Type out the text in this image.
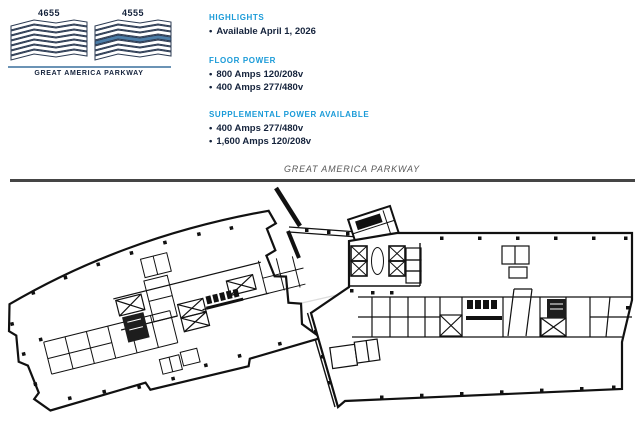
4655	4555
GREAT AMERICA PARKWAY
HIGHLIGHTS
• Available April 1, 2026
FLOOR POWER
• 800 Amps 120/208v
• 400 Amps 277/480v
SUPPLEMENTAL POWER AVAILABLE
• 400 Amps 277/480v
• 1,600 Amps 120/208v
GREAT AMERICA PARKWAY
